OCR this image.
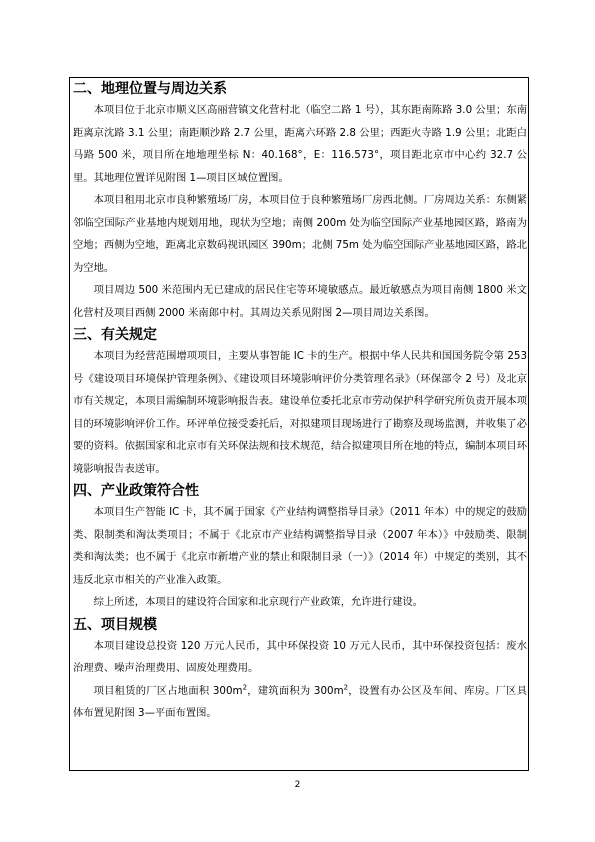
二、地理位置与周边关系

本项目位于北京市顺义区高丽营镇文化营村北（临空二路 1 号），其东距南陈路 3.0 公里；东南距离京沈路 3.1 公里；南距顺沙路 2.7 公里，距离六环路 2.8 公里；西距火寺路 1.9 公里；北距白马路 500 米，项目所在地地理坐标 N：40.168°，E：116.573°，项目距北京市中心约 32.7 公里。其地理位置详见附图 1—项目区域位置图。

本项目租用北京市良种繁殖场厂房，本项目位于良种繁殖场厂房西北侧。厂房周边关系：东侧紧邻临空国际产业基地内规划用地，现状为空地；南侧 200m 处为临空国际产业基地园区路，路南为空地；西侧为空地，距离北京数码视讯园区 390m；北侧 75m 处为临空国际产业基地园区路，路北为空地。

项目周边 500 米范围内无已建成的居民住宅等环境敏感点。最近敏感点为项目南侧 1800 米文化营村及项目西侧 2000 米南郎中村。其周边关系见附图 2—项目周边关系图。

三、有关规定

本项目为经营范围增项项目，主要从事智能 IC 卡的生产。根据中华人民共和国国务院令第 253 号《建设项目环境保护管理条例》、《建设项目环境影响评价分类管理名录》（环保部令 2 号）及北京市有关规定，本项目需编制环境影响报告表。建设单位委托北京市劳动保护科学研究所负责开展本项目的环境影响评价工作。环评单位接受委托后，对拟建项目现场进行了勘察及现场监测，并收集了必要的资料。依据国家和北京市有关环保法规和技术规范，结合拟建项目所在地的特点，编制本项目环境影响报告表送审。

四、产业政策符合性

本项目生产智能 IC 卡，其不属于国家《产业结构调整指导目录》（2011 年本）中的规定的鼓励类、限制类和淘汰类项目；不属于《北京市产业结构调整指导目录（2007 年本）》中鼓励类、限制类和淘汰类；也不属于《北京市新增产业的禁止和限制目录（一）》（2014 年）中规定的类别，其不违反北京市相关的产业准入政策。

综上所述，本项目的建设符合国家和北京现行产业政策，允许进行建设。

五、项目规模

本项目建设总投资 120 万元人民币，其中环保投资 10 万元人民币，其中环保投资包括：废水治理费、噪声治理费用、固废处理费用。

项目租赁的厂区占地面积 $300m^2$，建筑面积为 $300m^2$，设置有办公区及车间、库房。厂区具体布置见附图 3—平面布置图。

2
